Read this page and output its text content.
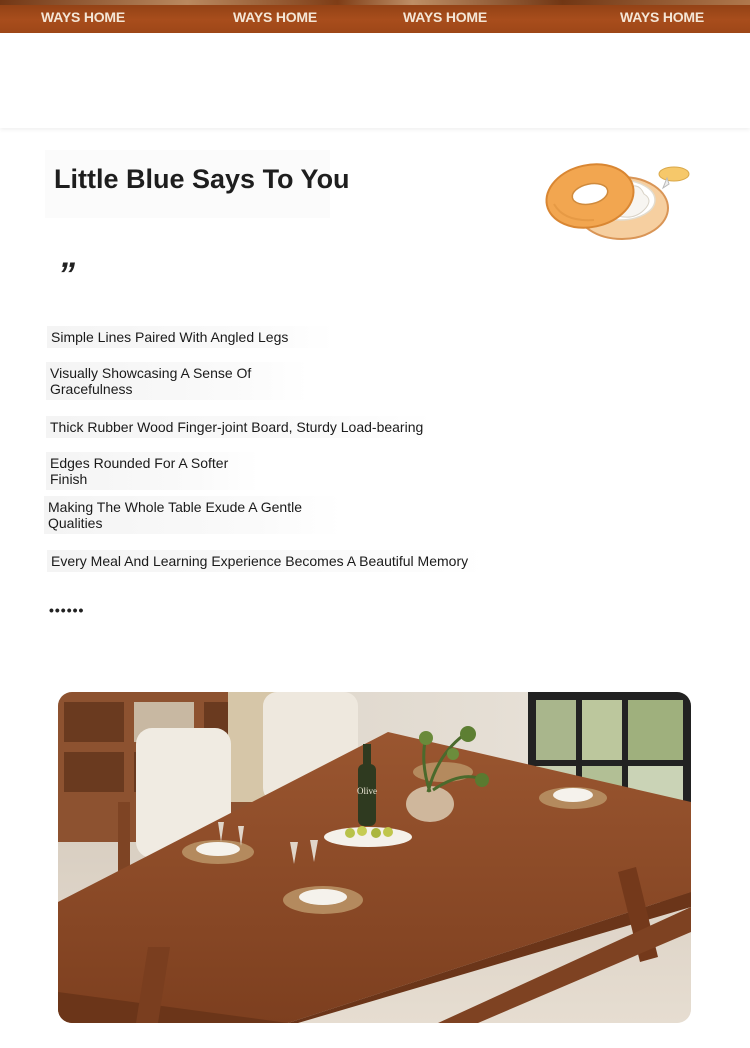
WAYS HOME	WAYS HOME	WAYS HOME	WAYS HOME
Little Blue Says To You
”
Simple Lines Paired With Angled Legs
Visually Showcasing A Sense Of Gracefulness
Thick Rubber Wood Finger-joint Board, Sturdy Load-bearing
Edges Rounded For A Softer Finish
Making The Whole Table Exude A Gentle Qualities
Every Meal And Learning Experience Becomes A Beautiful Memory
••••••
Olive
